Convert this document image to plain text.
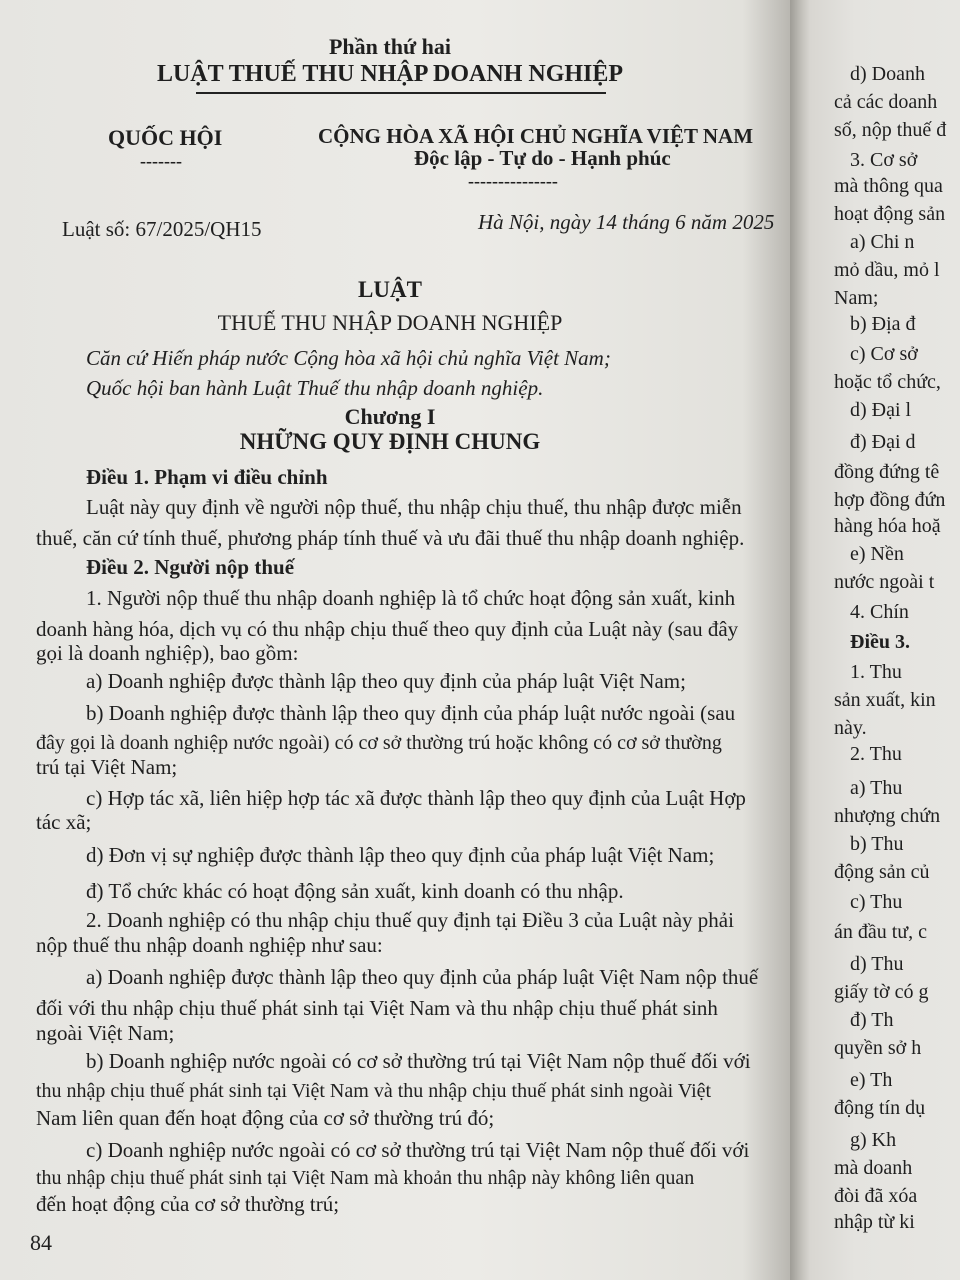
Phần thứ hai
LUẬT THUẾ THU NHẬP DOANH NGHIỆP
QUỐC HỘI
-------
CỘNG HÒA XÃ HỘI CHỦ NGHĨA VIỆT NAM
Độc lập - Tự do - Hạnh phúc
---------------
Luật số: 67/2025/QH15	Hà Nội, ngày 14 tháng 6 năm 2025
LUẬT
THUẾ THU NHẬP DOANH NGHIỆP
Căn cứ Hiến pháp nước Cộng hòa xã hội chủ nghĩa Việt Nam;
Quốc hội ban hành Luật Thuế thu nhập doanh nghiệp.
Chương I
NHỮNG QUY ĐỊNH CHUNG
Điều 1. Phạm vi điều chỉnh
Luật này quy định về người nộp thuế, thu nhập chịu thuế, thu nhập được miễn
thuế, căn cứ tính thuế, phương pháp tính thuế và ưu đãi thuế thu nhập doanh nghiệp.
Điều 2. Người nộp thuế
1. Người nộp thuế thu nhập doanh nghiệp là tổ chức hoạt động sản xuất, kinh
doanh hàng hóa, dịch vụ có thu nhập chịu thuế theo quy định của Luật này (sau đây
gọi là doanh nghiệp), bao gồm:
a) Doanh nghiệp được thành lập theo quy định của pháp luật Việt Nam;
b) Doanh nghiệp được thành lập theo quy định của pháp luật nước ngoài (sau
đây gọi là doanh nghiệp nước ngoài) có cơ sở thường trú hoặc không có cơ sở thường
trú tại Việt Nam;
c) Hợp tác xã, liên hiệp hợp tác xã được thành lập theo quy định của Luật Hợp
tác xã;
d) Đơn vị sự nghiệp được thành lập theo quy định của pháp luật Việt Nam;
đ) Tổ chức khác có hoạt động sản xuất, kinh doanh có thu nhập.
2. Doanh nghiệp có thu nhập chịu thuế quy định tại Điều 3 của Luật này phải
nộp thuế thu nhập doanh nghiệp như sau:
a) Doanh nghiệp được thành lập theo quy định của pháp luật Việt Nam nộp thuế
đối với thu nhập chịu thuế phát sinh tại Việt Nam và thu nhập chịu thuế phát sinh
ngoài Việt Nam;
b) Doanh nghiệp nước ngoài có cơ sở thường trú tại Việt Nam nộp thuế đối với
thu nhập chịu thuế phát sinh tại Việt Nam và thu nhập chịu thuế phát sinh ngoài Việt
Nam liên quan đến hoạt động của cơ sở thường trú đó;
c) Doanh nghiệp nước ngoài có cơ sở thường trú tại Việt Nam nộp thuế đối với
thu nhập chịu thuế phát sinh tại Việt Nam mà khoản thu nhập này không liên quan
đến hoạt động của cơ sở thường trú;
84
d) Doanh
cả các doanh
số, nộp thuế đ
3. Cơ sở
mà thông qua
hoạt động sản
a) Chi n
mỏ dầu, mỏ l
Nam;
b) Địa đ
c) Cơ sở
hoặc tổ chức,
d) Đại l
đ) Đại d
đồng đứng tê
hợp đồng đứn
hàng hóa hoặ
e) Nền
nước ngoài t
4. Chín
Điều 3.
1. Thu
sản xuất, kin
này.
2. Thu
a) Thu
nhượng chứn
b) Thu
động sản củ
c) Thu
án đầu tư, c
d) Thu
giấy tờ có g
đ) Th
quyền sở h
e) Th
động tín dụ
g) Kh
mà doanh
đòi đã xóa
nhập từ ki
